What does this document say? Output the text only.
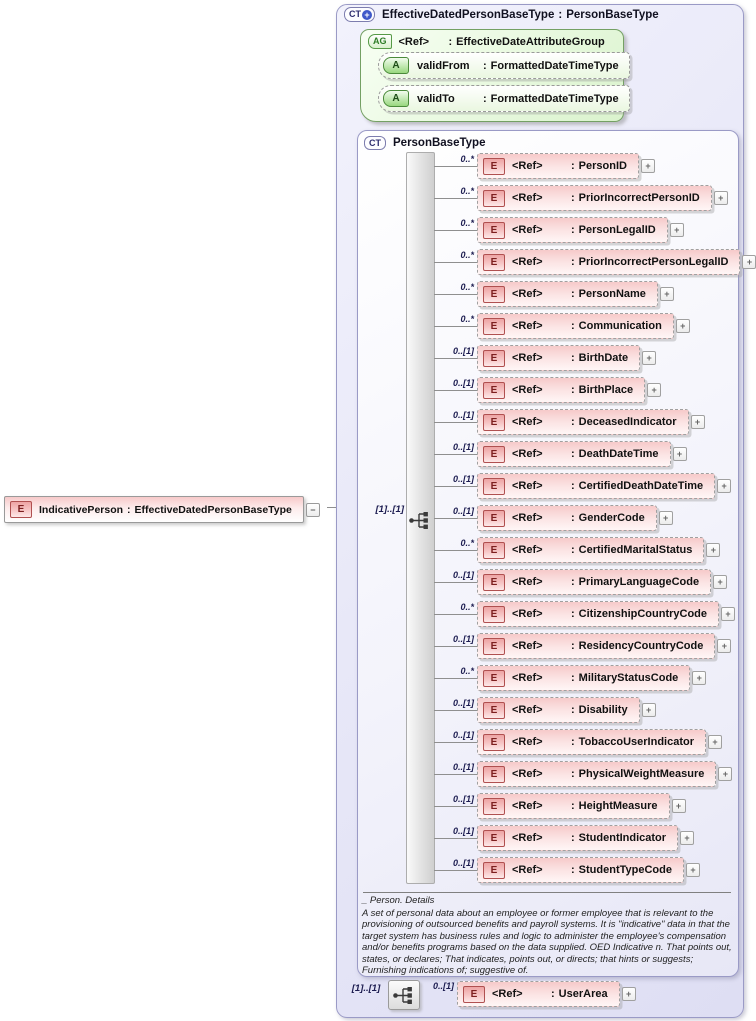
CT + EffectiveDatedPersonBaseType : PersonBaseType
AG	<Ref> : EffectiveDateAttributeGroup
A	validFrom	: FormattedDateTimeType
A	validTo	: FormattedDateTimeType
CT	PersonBaseType
[1]..[1]
0..*
E	<Ref>	: PersonID	+
0..*
E	<Ref>	: PriorIncorrectPersonID	+
0..*
E	<Ref>	: PersonLegalID	+
0..*
E	<Ref>	: PriorIncorrectPersonLegalID	+
0..*
E	<Ref>	: PersonName	+
0..*
E	<Ref>	: Communication	+
0..[1]
E	<Ref>	: BirthDate	+
0..[1]
E	<Ref>	: BirthPlace	+
0..[1]
E	<Ref>	: DeceasedIndicator	+
0..[1]
E	<Ref>	: DeathDateTime	+
0..[1]
E	<Ref>	: CertifiedDeathDateTime	+
0..[1]
E	<Ref>	: GenderCode	+
0..*
E	<Ref>	: CertifiedMaritalStatus	+
0..[1]
E	<Ref>	: PrimaryLanguageCode	+
0..*
E	<Ref>	: CitizenshipCountryCode	+
0..[1]
E	<Ref>	: ResidencyCountryCode	+
0..*
E	<Ref>	: MilitaryStatusCode	+
0..[1]
E	<Ref>	: Disability	+
0..[1]
E	<Ref>	: TobaccoUserIndicator	+
0..[1]
E	<Ref>	: PhysicalWeightMeasure	+
0..[1]
E	<Ref>	: HeightMeasure	+
0..[1]
E	<Ref>	: StudentIndicator	+
0..[1]
E	<Ref>	: StudentTypeCode	+
_ Person. Details
A set of personal data about an employee or former employee that is relevant to the provisioning of outsourced benefits and payroll systems. It is "indicative" data in that the target system has business rules and logic to administer the employee's compensation and/or benefits programs based on the data supplied. OED Indicative n. That points out, states, or declares; That indicates, points out, or directs; that hints or suggests; Furnishing indications of; suggestive of.
[1]..[1]	0..[1]
E	<Ref>	: UserArea	+
E	IndicativePerson : EffectiveDatedPersonBaseType	−
